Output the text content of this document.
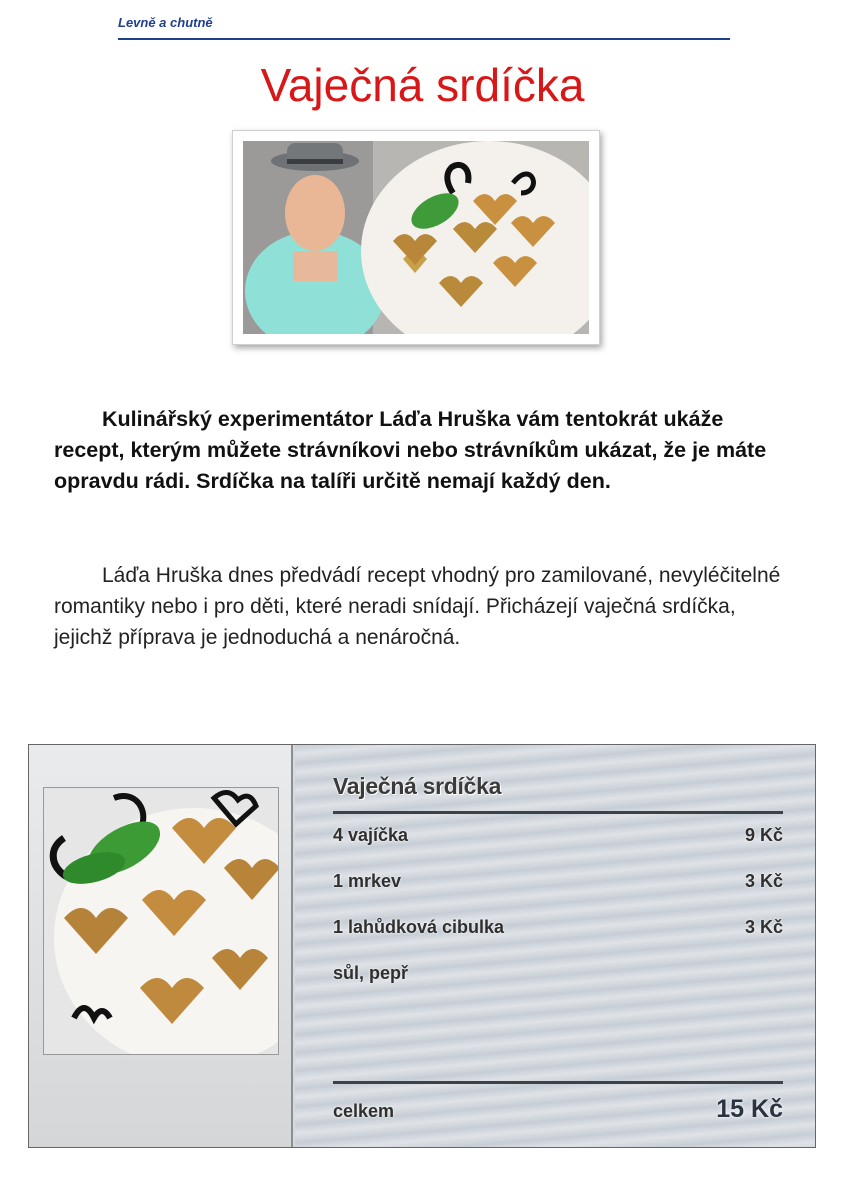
Levně a chutně
Vaječná srdíčka

Kulinářský experimentátor Láďa Hruška vám tentokrát ukáže recept, kterým můžete strávníkovi nebo strávníkům ukázat, že je máte opravdu rádi. Srdíčka na talíři určitě nemají každý den.

Láďa Hruška dnes předvádí recept vhodný pro zamilované, nevyléčitelné romantiky nebo i pro děti, které neradi snídají. Přicházejí vaječná srdíčka, jejichž příprava je jednoduchá a nenáročná.

Vaječná srdíčka
4 vajíčka	9 Kč
1 mrkev	3 Kč
1 lahůdková cibulka	3 Kč
sůl, pepř
celkem	15 Kč
